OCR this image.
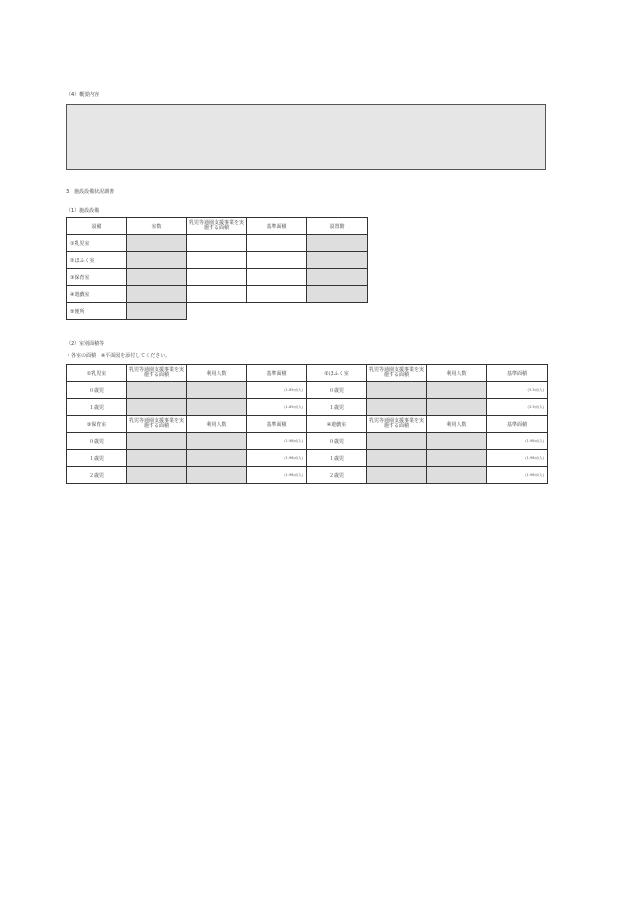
（4）概要内容
3　施設設備状況調書
（1）施設設備
設備	室数	乳児等通園支援事業を実施する面積	基準面積	設置階
①乳児室				
②ほふく室				
③保育室				
④遊戯室				
⑤便所				
（2）室別面積等
・各室の面積　※平面図を添付してください。
①乳児室	乳児等通園支援事業を実施する面積	利用人数	基準面積	②ほふく室	乳児等通園支援事業を実施する面積	利用人数	基準面積
０歳児			(1.65㎡/人)	０歳児			(3.3㎡/人)
１歳児			(1.65㎡/人)	１歳児			(3.3㎡/人)
③保育室	乳児等通園支援事業を実施する面積	利用人数	基準面積	④遊戯室	乳児等通園支援事業を実施する面積	利用人数	基準面積
０歳児			(1.98㎡/人)	０歳児			(1.98㎡/人)
１歳児			(1.98㎡/人)	１歳児			(1.98㎡/人)
２歳児			(1.98㎡/人)	２歳児			(1.98㎡/人)
